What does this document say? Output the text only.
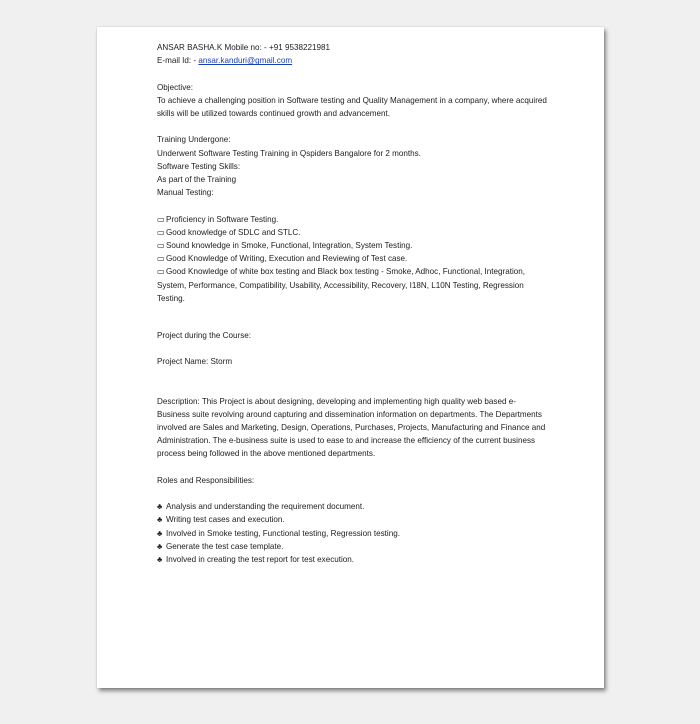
ANSAR BASHA.K Mobile no: - +91 9538221981
E-mail Id: - ansar.kanduri@gmail.com
Objective:
To achieve a challenging position in Software testing and Quality Management in a company, where acquired skills will be utilized towards continued growth and advancement.
Training Undergone:
Underwent Software Testing Training in Qspiders Bangalore for 2 months.
Software Testing Skills:
As part of the Training
Manual Testing:
▭Proficiency in Software Testing.
▭Good knowledge of SDLC and STLC.
▭Sound knowledge in Smoke, Functional, Integration, System Testing.
▭Good Knowledge of Writing, Execution and Reviewing of Test case.
▭Good Knowledge of white box testing and Black box testing - Smoke, Adhoc, Functional, Integration, System, Performance, Compatibility, Usability, Accessibility, Recovery, I18N, L10N Testing, Regression Testing.
Project during the Course:
Project Name: Storm
Description: This Project is about designing, developing and implementing high quality web based e-Business suite revolving around capturing and dissemination information on departments. The Departments involved are Sales and Marketing, Design, Operations, Purchases, Projects, Manufacturing and Finance and Administration. The e-business suite is used to ease to and increase the efficiency of the current business process being followed in the above mentioned departments.
Roles and Responsibilities:
♣ Analysis and understanding the requirement document.
♣ Writing test cases and execution.
♣ Involved in Smoke testing, Functional testing, Regression testing.
♣ Generate the test case template.
♣ Involved in creating the test report for test execution.
